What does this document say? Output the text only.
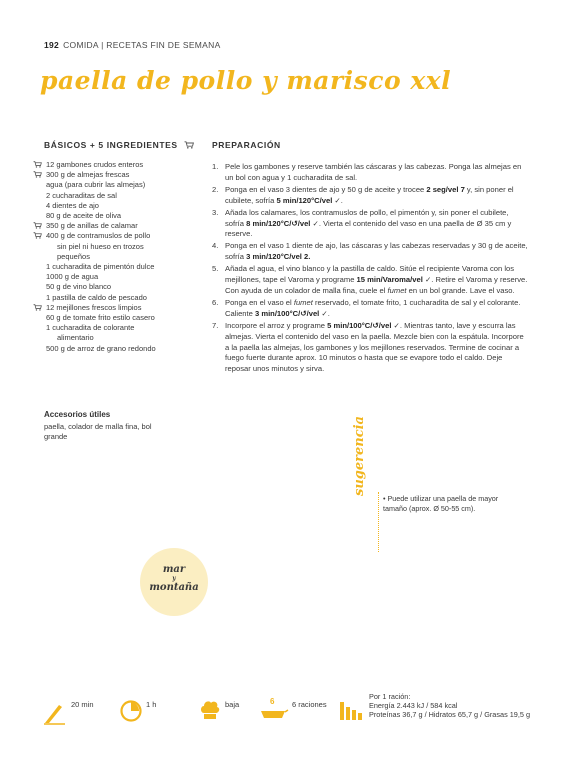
192 COMIDA | RECETAS FIN DE SEMANA
paella de pollo y marisco xxl
BÁSICOS + 5 INGREDIENTES
12 gambones crudos enteros
300 g de almejas frescas
agua (para cubrir las almejas)
2 cucharaditas de sal
4 dientes de ajo
80 g de aceite de oliva
350 g de anillas de calamar
400 g de contramuslos de pollo
sin piel ni hueso en trozos
pequeños
1 cucharadita de pimentón dulce
1000 g de agua
50 g de vino blanco
1 pastilla de caldo de pescado
12 mejillones frescos limpios
60 g de tomate frito estilo casero
1 cucharadita de colorante
alimentario
500 g de arroz de grano redondo
Accesorios útiles
paella, colador de malla fina, bol grande
PREPARACIÓN
1. Pele los gambones y reserve también las cáscaras y las cabezas. Ponga las almejas en un bol con agua y 1 cucharadita de sal.
2. Ponga en el vaso 3 dientes de ajo y 50 g de aceite y trocee 2 seg/vel 7 y, sin poner el cubilete, sofría 5 min/120°C/vel ✓.
3. Añada los calamares, los contramuslos de pollo, el pimentón y, sin poner el cubilete, sofría 8 min/120°C/↺/vel ✓. Vierta el contenido del vaso en una paella de Ø 35 cm y reserve.
4. Ponga en el vaso 1 diente de ajo, las cáscaras y las cabezas reservadas y 30 g de aceite, sofría 3 min/120°C/vel 2.
5. Añada el agua, el vino blanco y la pastilla de caldo. Sitúe el recipiente Varoma con los mejillones, tape el Varoma y programe 15 min/Varoma/vel ✓. Retire el Varoma y reserve. Con ayuda de un colador de malla fina, cuele el fumet en un bol grande. Lave el vaso.
6. Ponga en el vaso el fumet reservado, el tomate frito, 1 cucharadita de sal y el colorante. Caliente 3 min/100°C/↺/vel ✓.
7. Incorpore el arroz y programe 5 min/100°C/↺/vel ✓. Mientras tanto, lave y escurra las almejas. Vierta el contenido del vaso en la paella. Mezcle bien con la espátula. Incorpore a la paella las almejas, los gambones y los mejillones reservados. Termine de cocinar a fuego fuerte durante aprox. 10 minutos o hasta que se evapore todo el caldo. Deje reposar unos minutos y sirva.
sugerencia
• Puede utilizar una paella de mayor tamaño (aprox. Ø 50-55 cm).
mar
y
montaña
20 min	1 h	baja	6 6 raciones
Por 1 ración:
Energía 2.443 kJ / 584 kcal
Proteínas 36,7 g / Hidratos 65,7 g / Grasas 19,5 g
